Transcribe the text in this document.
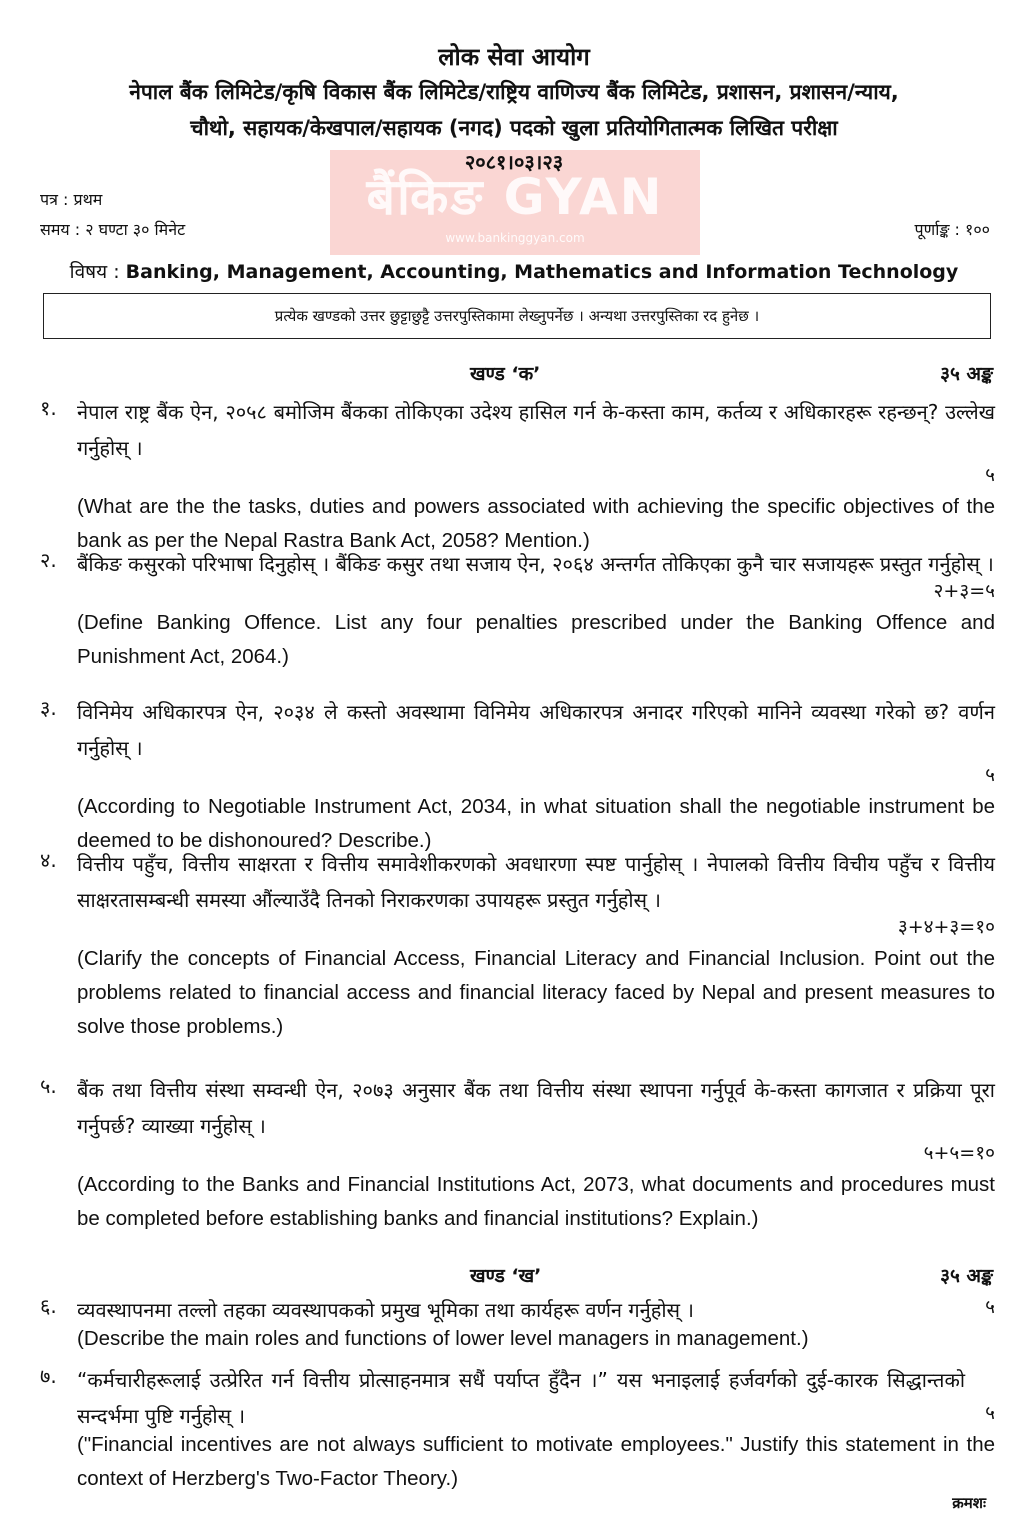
बैंकिङ GYAN
www.bankinggyan.com
लोक सेवा आयोग
नेपाल बैंक लिमिटेड/कृषि विकास बैंक लिमिटेड/राष्ट्रिय वाणिज्य बैंक लिमिटेड, प्रशासन, प्रशासन/न्याय,
चौथो, सहायक/केखपाल/सहायक (नगद) पदको खुला प्रतियोगितात्मक लिखित परीक्षा
२०८१।०३।२३
पत्र : प्रथम
समय : २ घण्टा ३० मिनेट	पूर्णाङ्क : १००
विषय : Banking, Management, Accounting, Mathematics and Information Technology
प्रत्येक खण्डको उत्तर छुट्टाछुट्टै उत्तरपुस्तिकामा लेख्नुपर्नेछ । अन्यथा उत्तरपुस्तिका रद हुनेछ ।
खण्ड ‘क’	३५ अङ्क
१. नेपाल राष्ट्र बैंक ऐन, २०५८ बमोजिम बैंकका तोकिएका उदेश्य हासिल गर्न के-कस्ता काम, कर्तव्य र अधिकारहरू रहन्छन्? उल्लेख गर्नुहोस् ।
५
(What are the the tasks, duties and powers associated with achieving the specific objectives of the bank as per the Nepal Rastra Bank Act, 2058? Mention.)
२. बैंकिङ कसुरको परिभाषा दिनुहोस् । बैंकिङ कसुर तथा सजाय ऐन, २०६४ अन्तर्गत तोकिएका कुनै चार सजायहरू प्रस्तुत गर्नुहोस् ।
२+३=५
(Define Banking Offence. List any four penalties prescribed under the Banking Offence and Punishment Act, 2064.)
३. विनिमेय अधिकारपत्र ऐन, २०३४ ले कस्तो अवस्थामा विनिमेय अधिकारपत्र अनादर गरिएको मानिने व्यवस्था गरेको छ? वर्णन गर्नुहोस् ।
५
(According to Negotiable Instrument Act, 2034, in what situation shall the negotiable instrument be deemed to be dishonoured? Describe.)
४. वित्तीय पहुँच, वित्तीय साक्षरता र वित्तीय समावेशीकरणको अवधारणा स्पष्ट पार्नुहोस् । नेपालको वित्तीय विचीय पहुँच र वित्तीय साक्षरतासम्बन्धी समस्या औंल्याउँदै तिनको निराकरणका उपायहरू प्रस्तुत गर्नुहोस् ।
३+४+३=१०
(Clarify the concepts of Financial Access, Financial Literacy and Financial Inclusion. Point out the problems related to financial access and financial literacy faced by Nepal and present measures to solve those problems.)
५. बैंक तथा वित्तीय संस्था सम्वन्धी ऐन, २०७३ अनुसार बैंक तथा वित्तीय संस्था स्थापना गर्नुपूर्व के-कस्ता कागजात र प्रक्रिया पूरा गर्नुपर्छ? व्याख्या गर्नुहोस् ।
५+५=१०
(According to the Banks and Financial Institutions Act, 2073, what documents and procedures must be completed before establishing banks and financial institutions? Explain.)
खण्ड ‘ख’	३५ अङ्क
६. व्यवस्थापनमा तल्लो तहका व्यवस्थापकको प्रमुख भूमिका तथा कार्यहरू वर्णन गर्नुहोस् ।	५
(Describe the main roles and functions of lower level managers in management.)
७. “कर्मचारीहरूलाई उत्प्रेरित गर्न वित्तीय प्रोत्साहनमात्र सधैं पर्याप्त हुँदैन ।” यस भनाइलाई हर्जवर्गको दुई-कारक सिद्धान्तको सन्दर्भमा पुष्टि गर्नुहोस् ।	५
("Financial incentives are not always sufficient to motivate employees." Justify this statement in the context of Herzberg's Two-Factor Theory.)
क्रमशः
